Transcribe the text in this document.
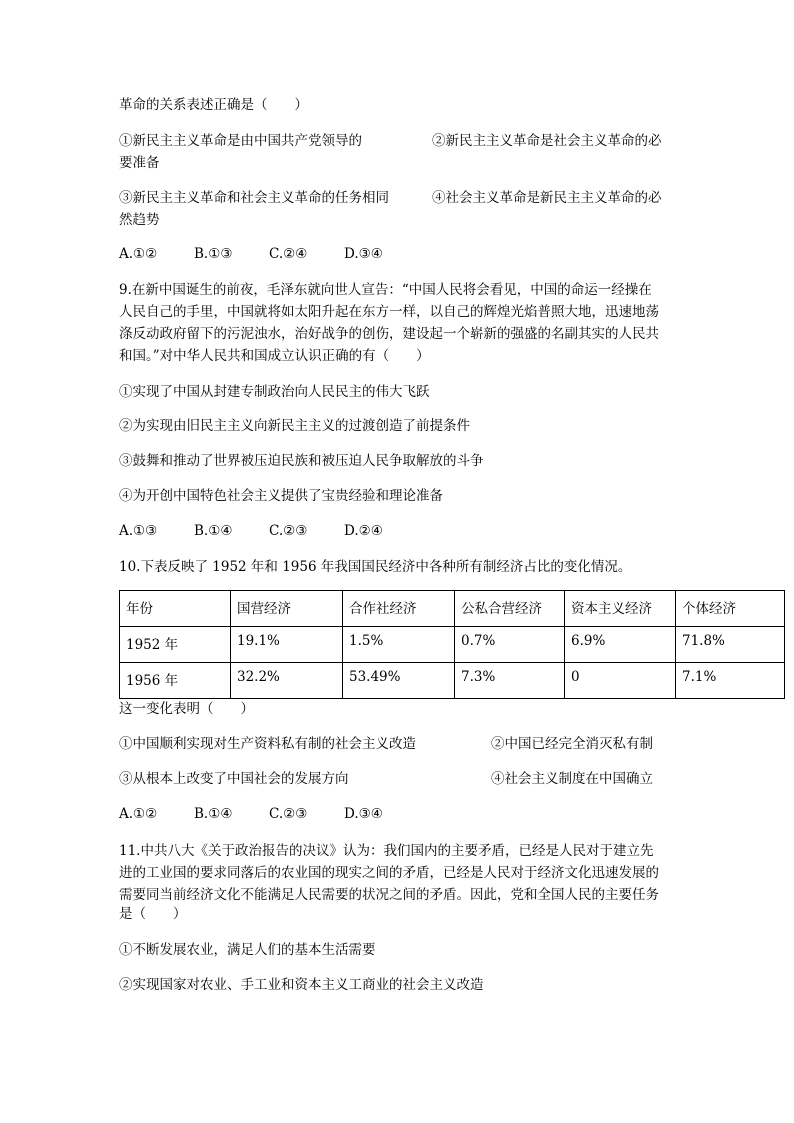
革命的关系表述正确是（　　）
①新民主主义革命是由中国共产党领导的	②新民主主义革命是社会主义革命的必
要准备
③新民主主义革命和社会主义革命的任务相同	④社会主义革命是新民主主义革命的必
然趋势
A.①②	B.①③	C.②④	D.③④
9.在新中国诞生的前夜，毛泽东就向世人宣告：“中国人民将会看见，中国的命运一经操在
人民自己的手里，中国就将如太阳升起在东方一样，以自己的辉煌光焰普照大地，迅速地荡
涤反动政府留下的污泥浊水，治好战争的创伤，建设起一个崭新的强盛的名副其实的人民共
和国。”对中华人民共和国成立认识正确的有（　　）
①实现了中国从封建专制政治向人民民主的伟大飞跃
②为实现由旧民主主义向新民主主义的过渡创造了前提条件
③鼓舞和推动了世界被压迫民族和被压迫人民争取解放的斗争
④为开创中国特色社会主义提供了宝贵经验和理论准备
A.①③	B.①④	C.②③	D.②④
10.下表反映了 1952 年和 1956 年我国国民经济中各种所有制经济占比的变化情况。
年份	国营经济	合作社经济	公私合营经济	资本主义经济	个体经济
1952 年	19.1%	1.5%	0.7%	6.9%	71.8%
1956 年	32.2%	53.49%	7.3%	0	7.1%
这一变化表明（　　）
①中国顺利实现对生产资料私有制的社会主义改造	②中国已经完全消灭私有制
③从根本上改变了中国社会的发展方向	④社会主义制度在中国确立
A.①②	B.①④	C.②③	D.③④
11.中共八大《关于政治报告的决议》认为：我们国内的主要矛盾，已经是人民对于建立先
进的工业国的要求同落后的农业国的现实之间的矛盾，已经是人民对于经济文化迅速发展的
需要同当前经济文化不能满足人民需要的状况之间的矛盾。因此，党和全国人民的主要任务
是（　　）
①不断发展农业，满足人们的基本生活需要
②实现国家对农业、手工业和资本主义工商业的社会主义改造
